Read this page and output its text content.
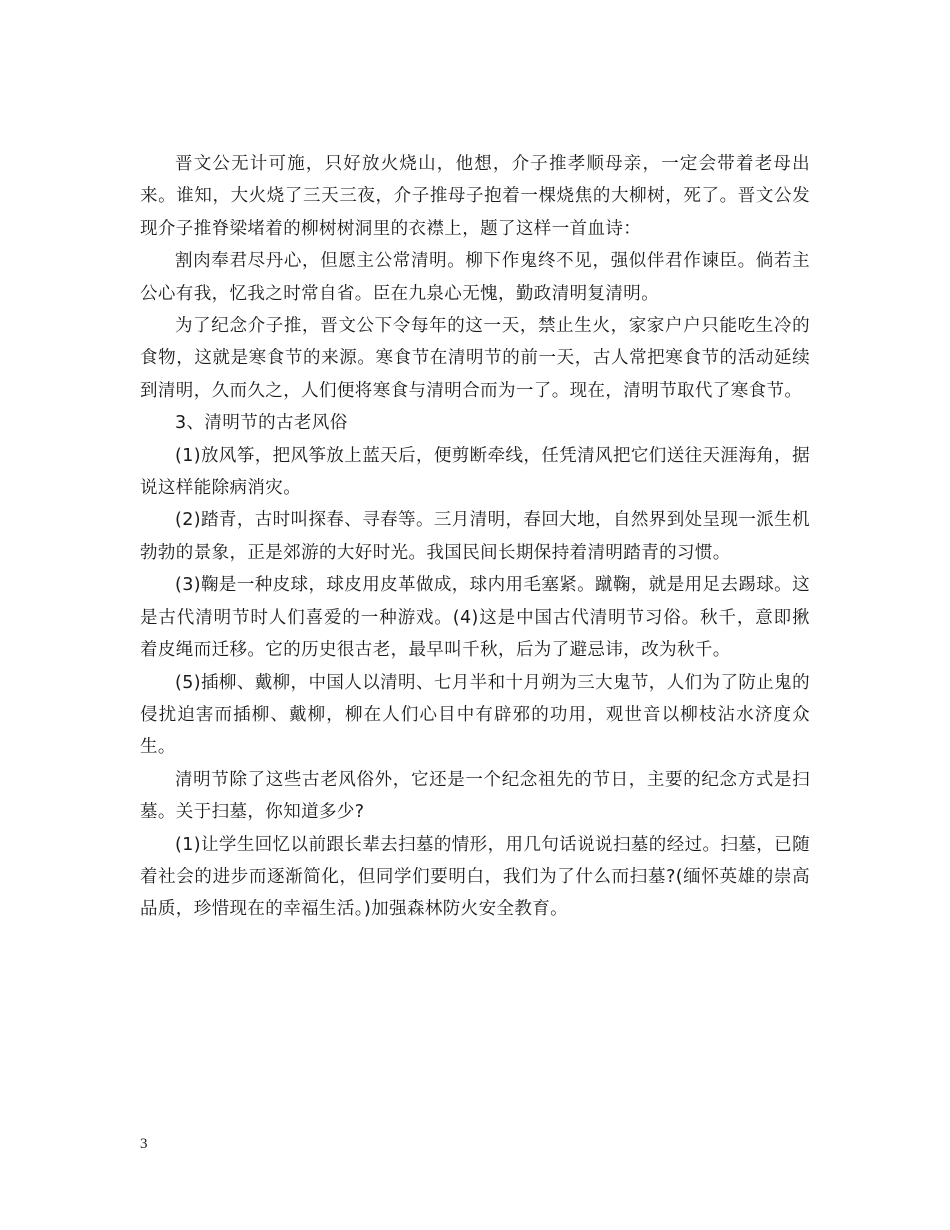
晋文公无计可施，只好放火烧山，他想，介子推孝顺母亲，一定会带着老母出来。谁知，大火烧了三天三夜，介子推母子抱着一棵烧焦的大柳树，死了。晋文公发现介子推脊梁堵着的柳树树洞里的衣襟上，题了这样一首血诗：

割肉奉君尽丹心，但愿主公常清明。柳下作鬼终不见，强似伴君作谏臣。倘若主公心有我，忆我之时常自省。臣在九泉心无愧，勤政清明复清明。

为了纪念介子推，晋文公下令每年的这一天，禁止生火，家家户户只能吃生冷的食物，这就是寒食节的来源。寒食节在清明节的前一天，古人常把寒食节的活动延续到清明，久而久之，人们便将寒食与清明合而为一了。现在，清明节取代了寒食节。

3、清明节的古老风俗

(1)放风筝，把风筝放上蓝天后，便剪断牵线，任凭清风把它们送往天涯海角，据说这样能除病消灾。

(2)踏青，古时叫探春、寻春等。三月清明，春回大地，自然界到处呈现一派生机勃勃的景象，正是郊游的大好时光。我国民间长期保持着清明踏青的习惯。

(3)鞠是一种皮球，球皮用皮革做成，球内用毛塞紧。蹴鞠，就是用足去踢球。这是古代清明节时人们喜爱的一种游戏。(4)这是中国古代清明节习俗。秋千，意即揪着皮绳而迁移。它的历史很古老，最早叫千秋，后为了避忌讳，改为秋千。

(5)插柳、戴柳，中国人以清明、七月半和十月朔为三大鬼节，人们为了防止鬼的侵扰迫害而插柳、戴柳，柳在人们心目中有辟邪的功用，观世音以柳枝沾水济度众生。

清明节除了这些古老风俗外，它还是一个纪念祖先的节日，主要的纪念方式是扫墓。关于扫墓，你知道多少?

(1)让学生回忆以前跟长辈去扫墓的情形，用几句话说说扫墓的经过。扫墓，已随着社会的进步而逐渐简化，但同学们要明白，我们为了什么而扫墓?(缅怀英雄的崇高品质，珍惜现在的幸福生活。)加强森林防火安全教育。

3
